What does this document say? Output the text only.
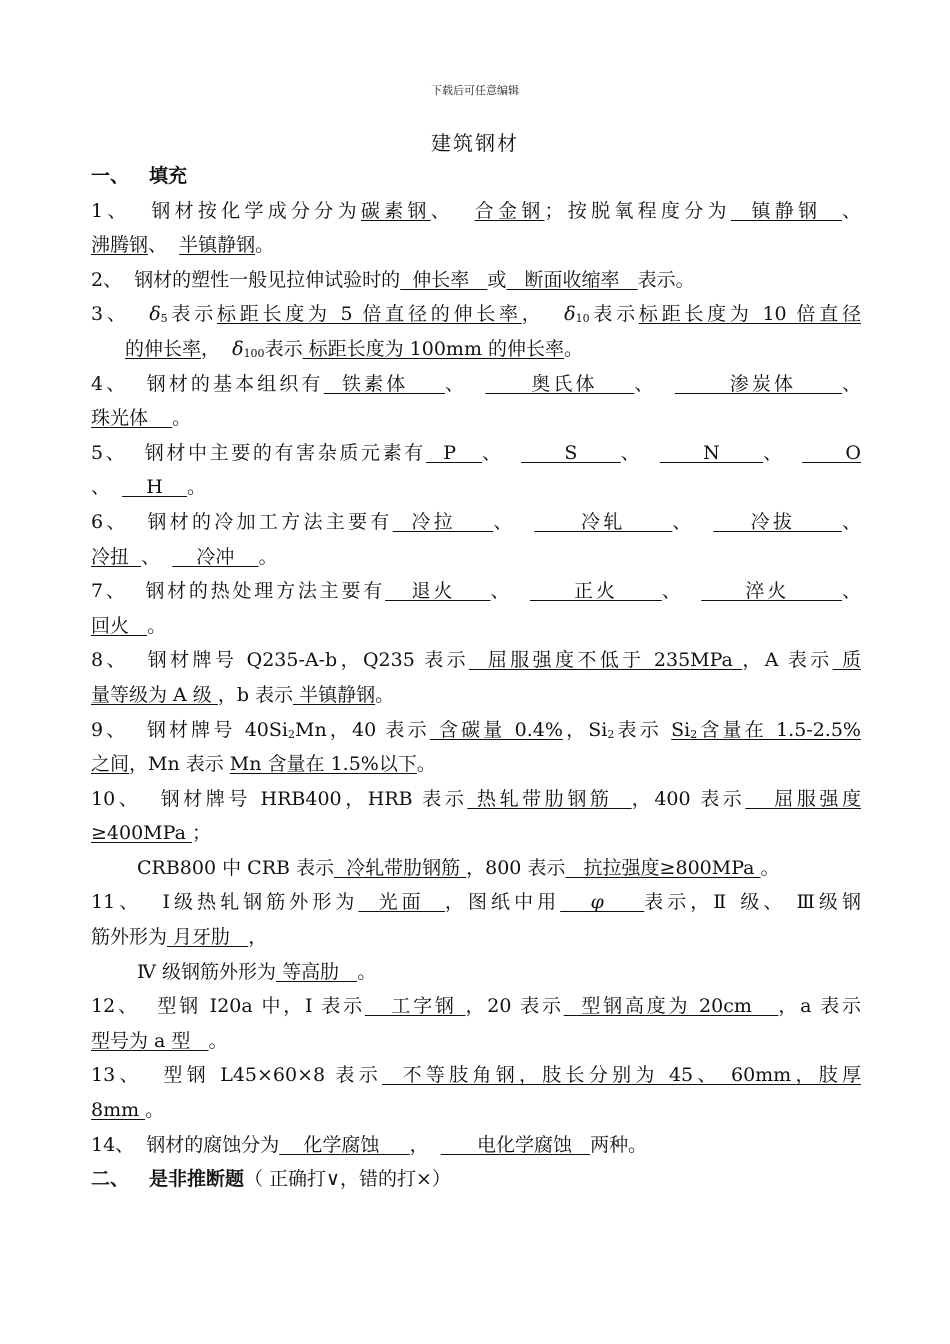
下载后可任意编辑
建筑钢材
一、 填充
1、  钢材按化学成分分为碳素钢、  合金钢；按脱氧程度分为  镇静钢  、
沸腾钢、  半镇静钢。
2、  钢材的塑性一般见拉伸试验时的  伸长率   或   断面收缩率   表示。
3、  δ5表示标距长度为 5 倍直径的伸长率，  δ10表示标距长度为 10 倍直径
的伸长率，  δ100表示 标距长度为 100mm 的伸长率。
4、  钢材的基本组织有  铁素体    、       奥氏体    、        渗炭体     、
珠光体    。
5、  钢材中主要的有害杂质元素有  P   、       S     、       N     、       O
、      H    。
6、  钢材的冷加工方法主要有  冷拉    、       冷轧     、      冷拔     、
冷扭  、      冷冲    。
7、  钢材的热处理方法主要有   退火    、       正火     、       淬火      、
回火   。
8、  钢材牌号 Q235-A-b，Q235 表示  屈服强度不低于 235MPa ，A 表示 质
量等级为 A 级 ，b 表示 半镇静钢。
9、  钢材牌号 40Si2Mn，40 表示 含碳量 0.4%，Si2表示 Si2含量在 1.5-2.5%
之间，Mn 表示 Mn 含量在 1.5%以下。
10、  钢材牌号 HRB400，HRB 表示 热轧带肋钢筋  ，400 表示   屈服强度
≥400MPa ；
CRB800 中 CRB 表示  冷轧带肋钢筋 ，800 表示   抗拉强度≥800MPa 。
11、  Ⅰ级热轧钢筋外形为  光面  ，图纸中用   φ    表示，Ⅱ 级、 Ⅲ级钢
筋外形为 月牙肋   ，
Ⅳ 级钢筋外形为 等高肋   。
12、  型钢 I20a 中，I 表示   工字钢 ，20 表示  型钢高度为 20cm   ，a 表示
型号为 a 型   。
13、  型钢 L45×60×8 表示  不等肢角钢，肢长分别为 45、 60mm，肢厚
8mm 。
14、  钢材的腐蚀分为    化学腐蚀     ，        电化学腐蚀   两种。
二、 是非推断题（ 正确打∨，错的打×）
